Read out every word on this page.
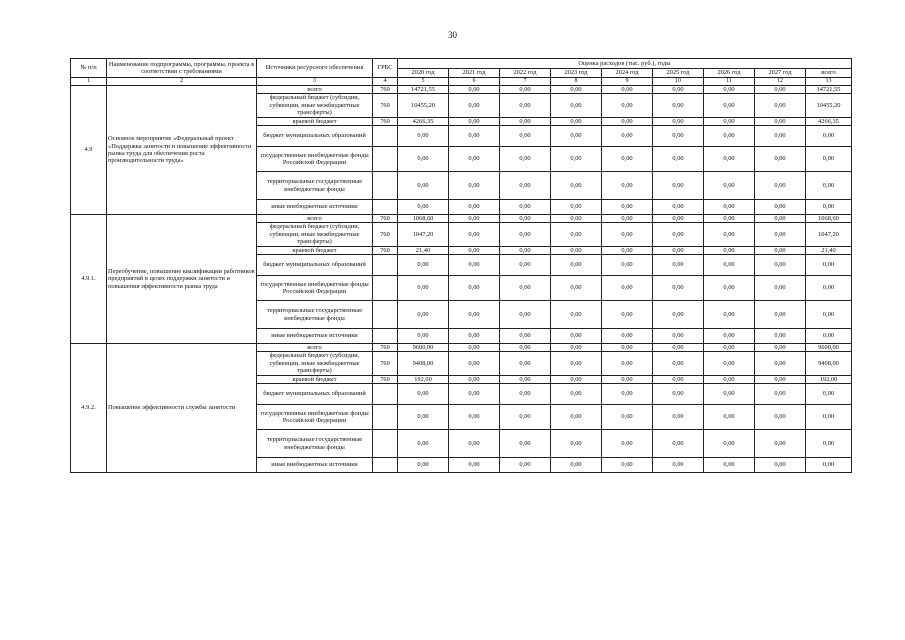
30
№ п/п	Наименование подпрограммы, программы, проекта в соответствии с требованиями	Источники ресурсного обеспечения	ГРБС	Оценка расходов (тыс. руб.), годы								
				2020 год	2021 год	2022 год	2023 год	2024 год	2025 год	2026 год	2027 год	всего
1	2	3	4	5	6	7	8	9	10	11	12	13
4.9	Основное мероприятие «Федеральный проект «Поддержка занятости и повышение эффективности рынка труда для обеспечения роста производительности труда»	всего	760	14721,55	0,00	0,00	0,00	0,00	0,00	0,00	0,00	14721,55
		федеральный бюджет (субсидии, субвенции, иные межбюджетные трансферты)	760	10455,20	0,00	0,00	0,00	0,00	0,00	0,00	0,00	10455,20
		краевой бюджет	760	4266,35	0,00	0,00	0,00	0,00	0,00	0,00	0,00	4266,35
		бюджет муниципальных образований		0,00	0,00	0,00	0,00	0,00	0,00	0,00	0,00	0,00
		государственные внебюджетные фонды Российской Федерации		0,00	0,00	0,00	0,00	0,00	0,00	0,00	0,00	0,00
		территориальные государственные внебюджетные фонды		0,00	0,00	0,00	0,00	0,00	0,00	0,00	0,00	0,00
		иные внебюджетные источники		0,00	0,00	0,00	0,00	0,00	0,00	0,00	0,00	0,00
4.9.1.	Переобучение, повышение квалификации работников предприятий в целях поддержки занятости и повышения эффективности рынка труда	всего	760	1068,60	0,00	0,00	0,00	0,00	0,00	0,00	0,00	1068,60
		федеральный бюджет (субсидии, субвенции, иные межбюджетные трансферты)	760	1047,20	0,00	0,00	0,00	0,00	0,00	0,00	0,00	1047,20
		краевой бюджет	760	21,40	0,00	0,00	0,00	0,00	0,00	0,00	0,00	21,40
		бюджет муниципальных образований		0,00	0,00	0,00	0,00	0,00	0,00	0,00	0,00	0,00
		государственные внебюджетные фонды Российской Федерации		0,00	0,00	0,00	0,00	0,00	0,00	0,00	0,00	0,00
		территориальные государственные внебюджетные фонды		0,00	0,00	0,00	0,00	0,00	0,00	0,00	0,00	0,00
		иные внебюджетные источники		0,00	0,00	0,00	0,00	0,00	0,00	0,00	0,00	0,00
4.9.2.	Повышение эффективности службы занятости	всего	760	9600,00	0,00	0,00	0,00	0,00	0,00	0,00	0,00	9600,00
		федеральный бюджет (субсидии, субвенции, иные межбюджетные трансферты)	760	9408,00	0,00	0,00	0,00	0,00	0,00	0,00	0,00	9408,00
		краевой бюджет	760	192,00	0,00	0,00	0,00	0,00	0,00	0,00	0,00	192,00
		бюджет муниципальных образований		0,00	0,00	0,00	0,00	0,00	0,00	0,00	0,00	0,00
		государственные внебюджетные фонды Российской Федерации		0,00	0,00	0,00	0,00	0,00	0,00	0,00	0,00	0,00
		территориальные государственные внебюджетные фонды		0,00	0,00	0,00	0,00	0,00	0,00	0,00	0,00	0,00
		иные внебюджетные источники		0,00	0,00	0,00	0,00	0,00	0,00	0,00	0,00	0,00
